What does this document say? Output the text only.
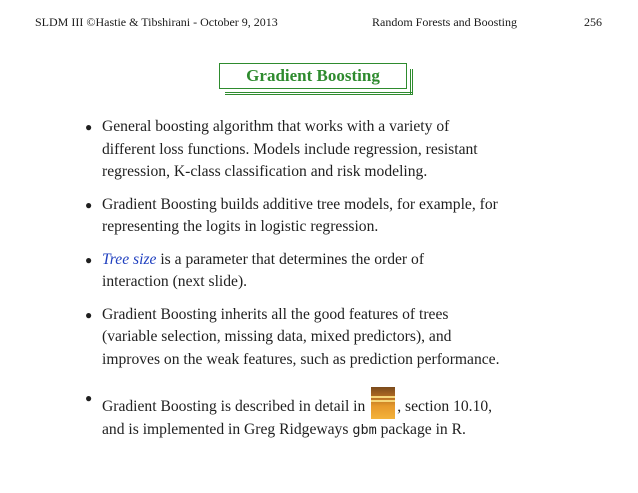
SLDM III ©Hastie & Tibshirani - October 9, 2013	Random Forests and Boosting	256
Gradient Boosting
● General boosting algorithm that works with a variety of
different loss functions. Models include regression, resistant
regression, K-class classification and risk modeling.
● Gradient Boosting builds additive tree models, for example, for
representing the logits in logistic regression.
● Tree size is a parameter that determines the order of
interaction (next slide).
● Gradient Boosting inherits all the good features of trees
(variable selection, missing data, mixed predictors), and
improves on the weak features, such as prediction performance.
● Gradient Boosting is described in detail in
, section 10.10,
and is implemented in Greg Ridgeways gbm package in R.
